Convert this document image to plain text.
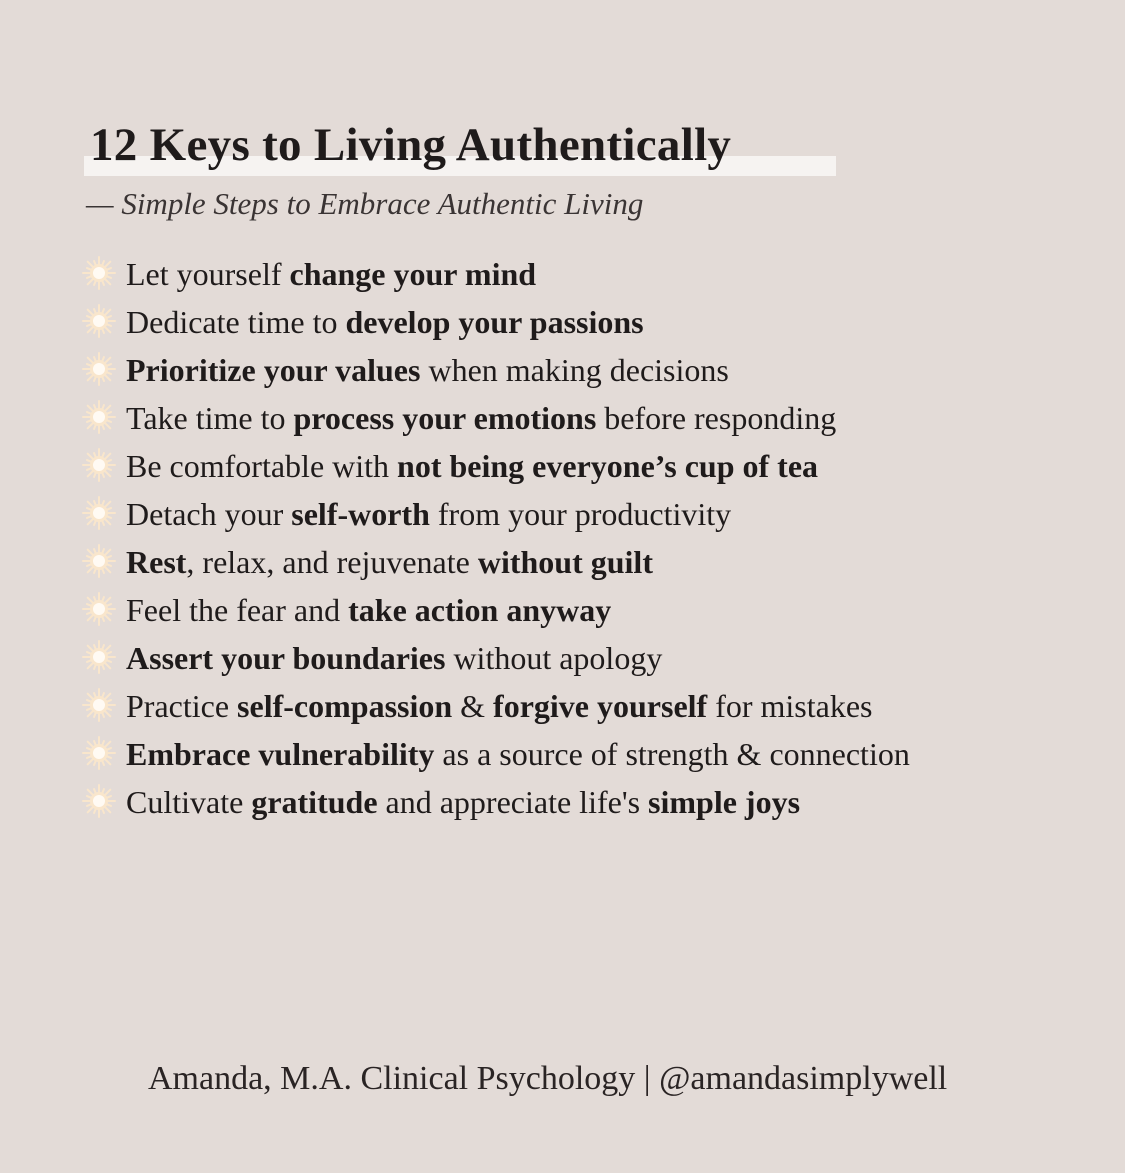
12 Keys to Living Authentically
— Simple Steps to Embrace Authentic Living
Let yourself change your mind
Dedicate time to develop your passions
Prioritize your values when making decisions
Take time to process your emotions before responding
Be comfortable with not being everyone’s cup of tea
Detach your self-worth from your productivity
Rest, relax, and rejuvenate without guilt
Feel the fear and take action anyway
Assert your boundaries without apology
Practice self-compassion & forgive yourself for mistakes
Embrace vulnerability as a source of strength & connection
Cultivate gratitude and appreciate life's simple joys
Amanda, M.A. Clinical Psychology | @amandasimplywell
